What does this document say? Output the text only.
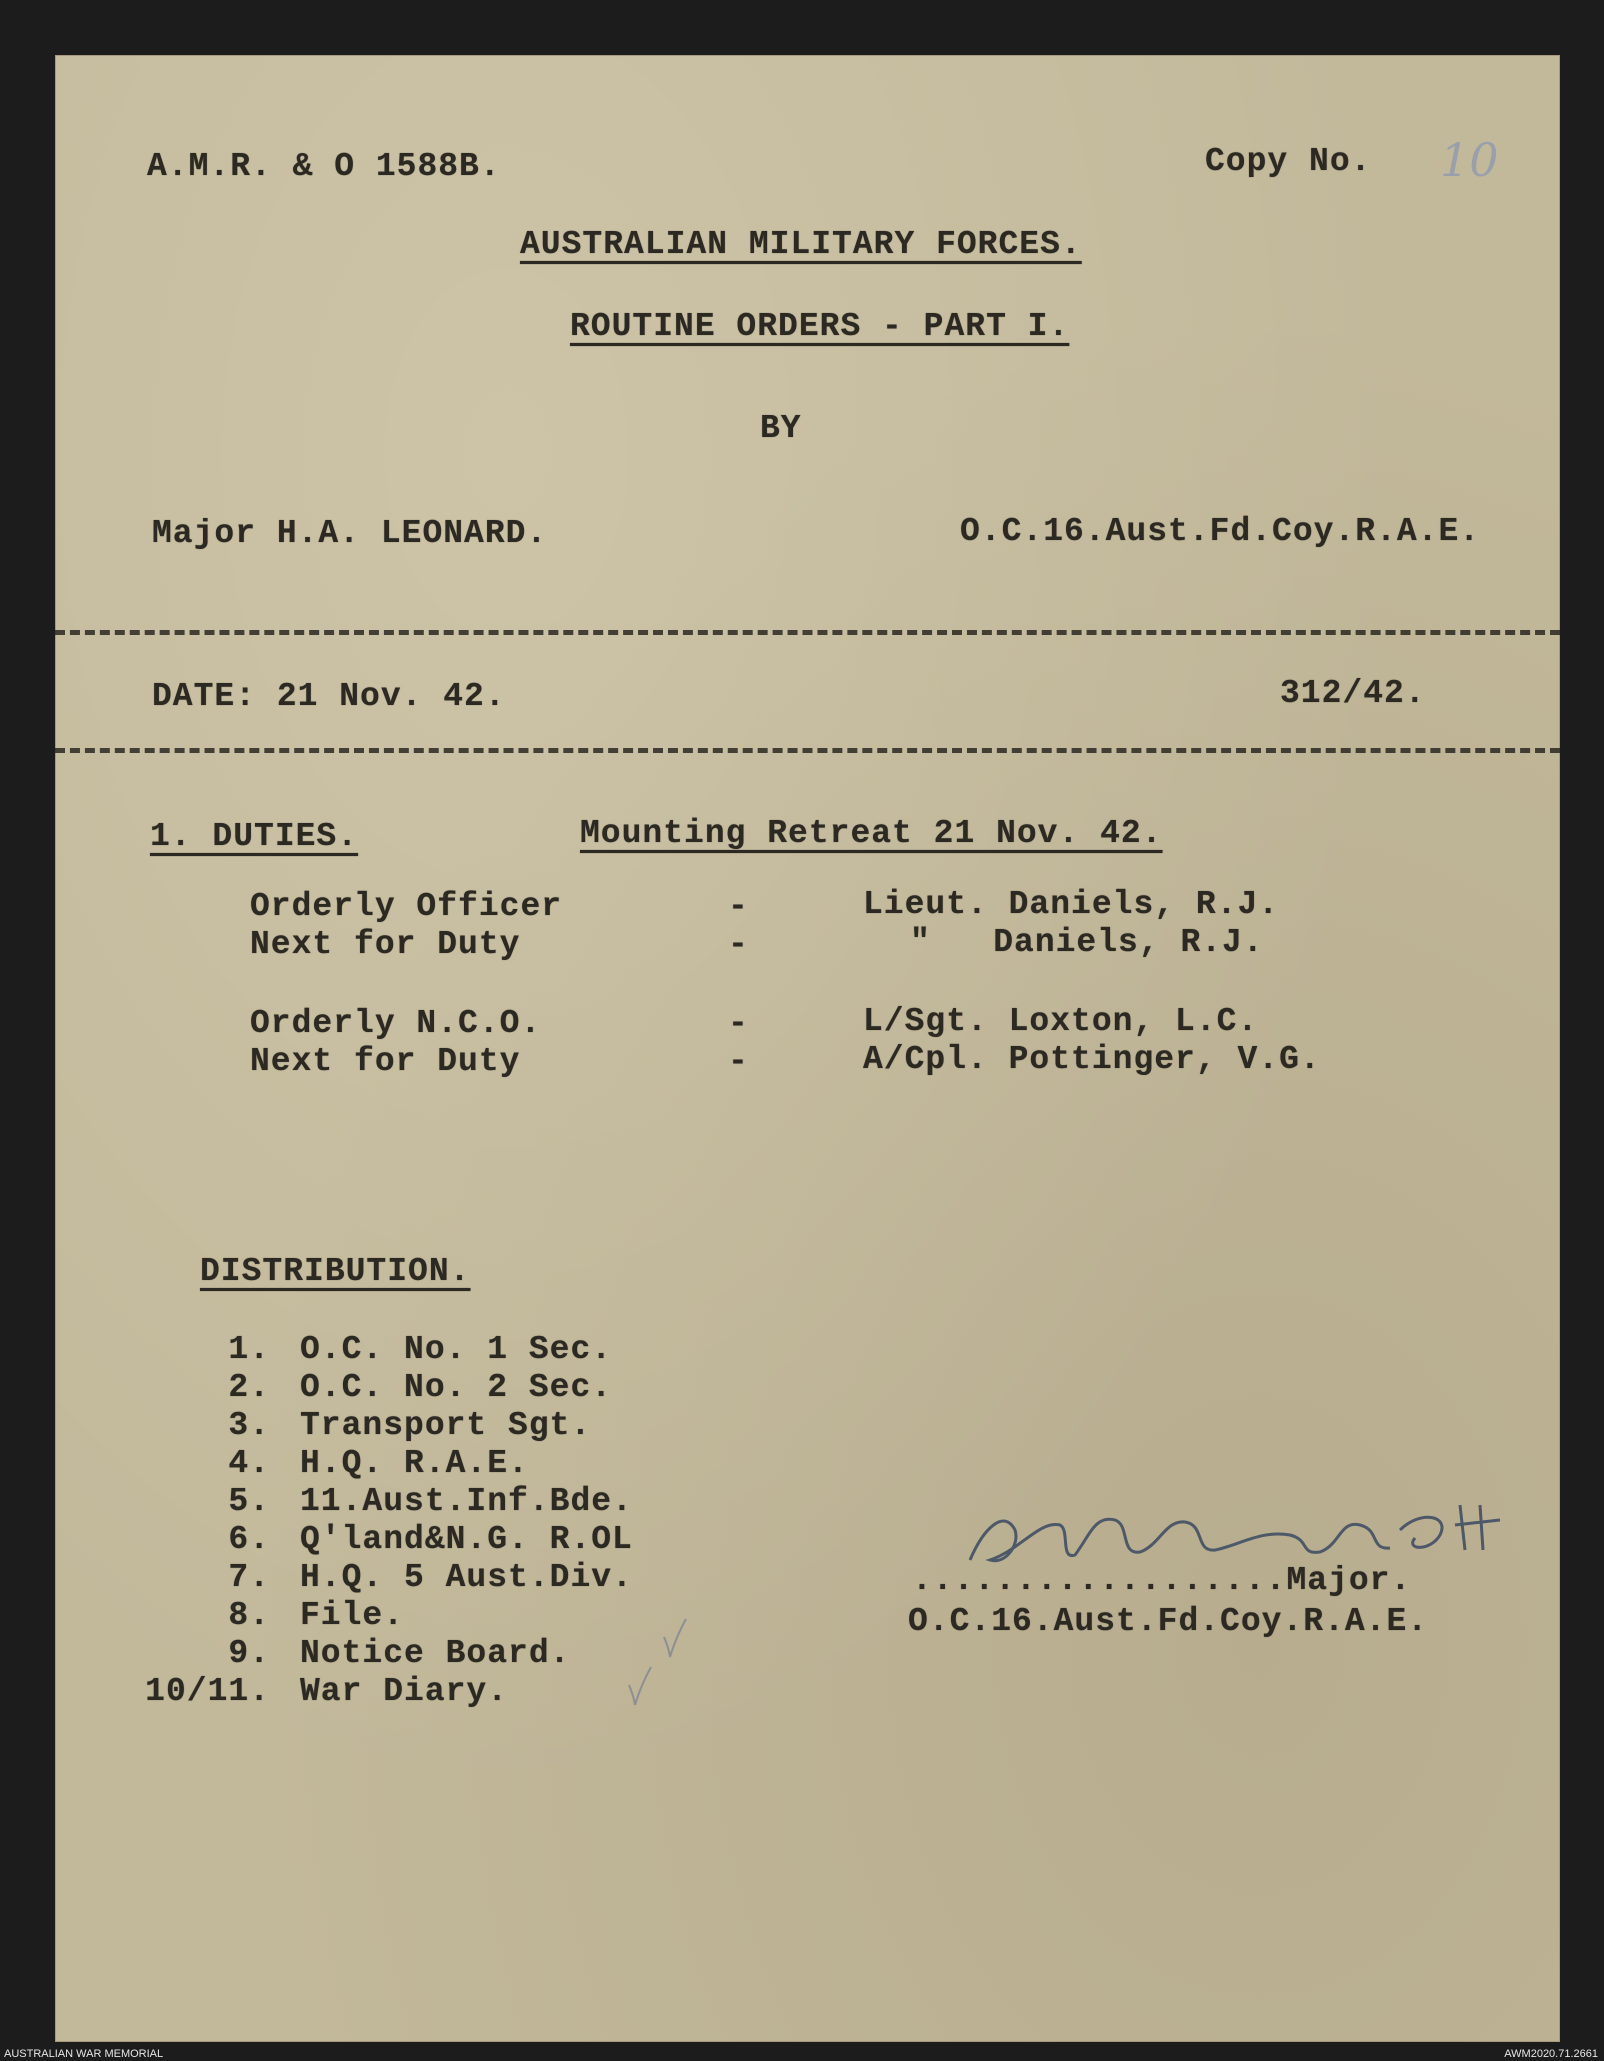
A.M.R. & O 1588B.	Copy No. 10
AUSTRALIAN MILITARY FORCES.
ROUTINE ORDERS - PART I.
BY
Major H.A. LEONARD.	O.C.16.Aust.Fd.Coy.R.A.E.
DATE: 21 Nov. 42.	312/42.
1. DUTIES.	Mounting Retreat 21 Nov. 42.
Orderly Officer	-	Lieut. Daniels, R.J.
Next for Duty	-	"   Daniels, R.J.
Orderly N.C.O.	-	L/Sgt. Loxton, L.C.
Next for Duty	-	A/Cpl. Pottinger, V.G.
DISTRIBUTION.
1. O.C. No. 1 Sec.
2. O.C. No. 2 Sec.
3. Transport Sgt.
4. H.Q. R.A.E.
5. 11.Aust.Inf.Bde.
6. Q'land&N.G. R.OL
7. H.Q. 5 Aust.Div.
8. File.
9. Notice Board.
10/11. War Diary.
..................Major.
O.C.16.Aust.Fd.Coy.R.A.E.
AUSTRALIAN WAR MEMORIAL	AWM2020.71.2661
